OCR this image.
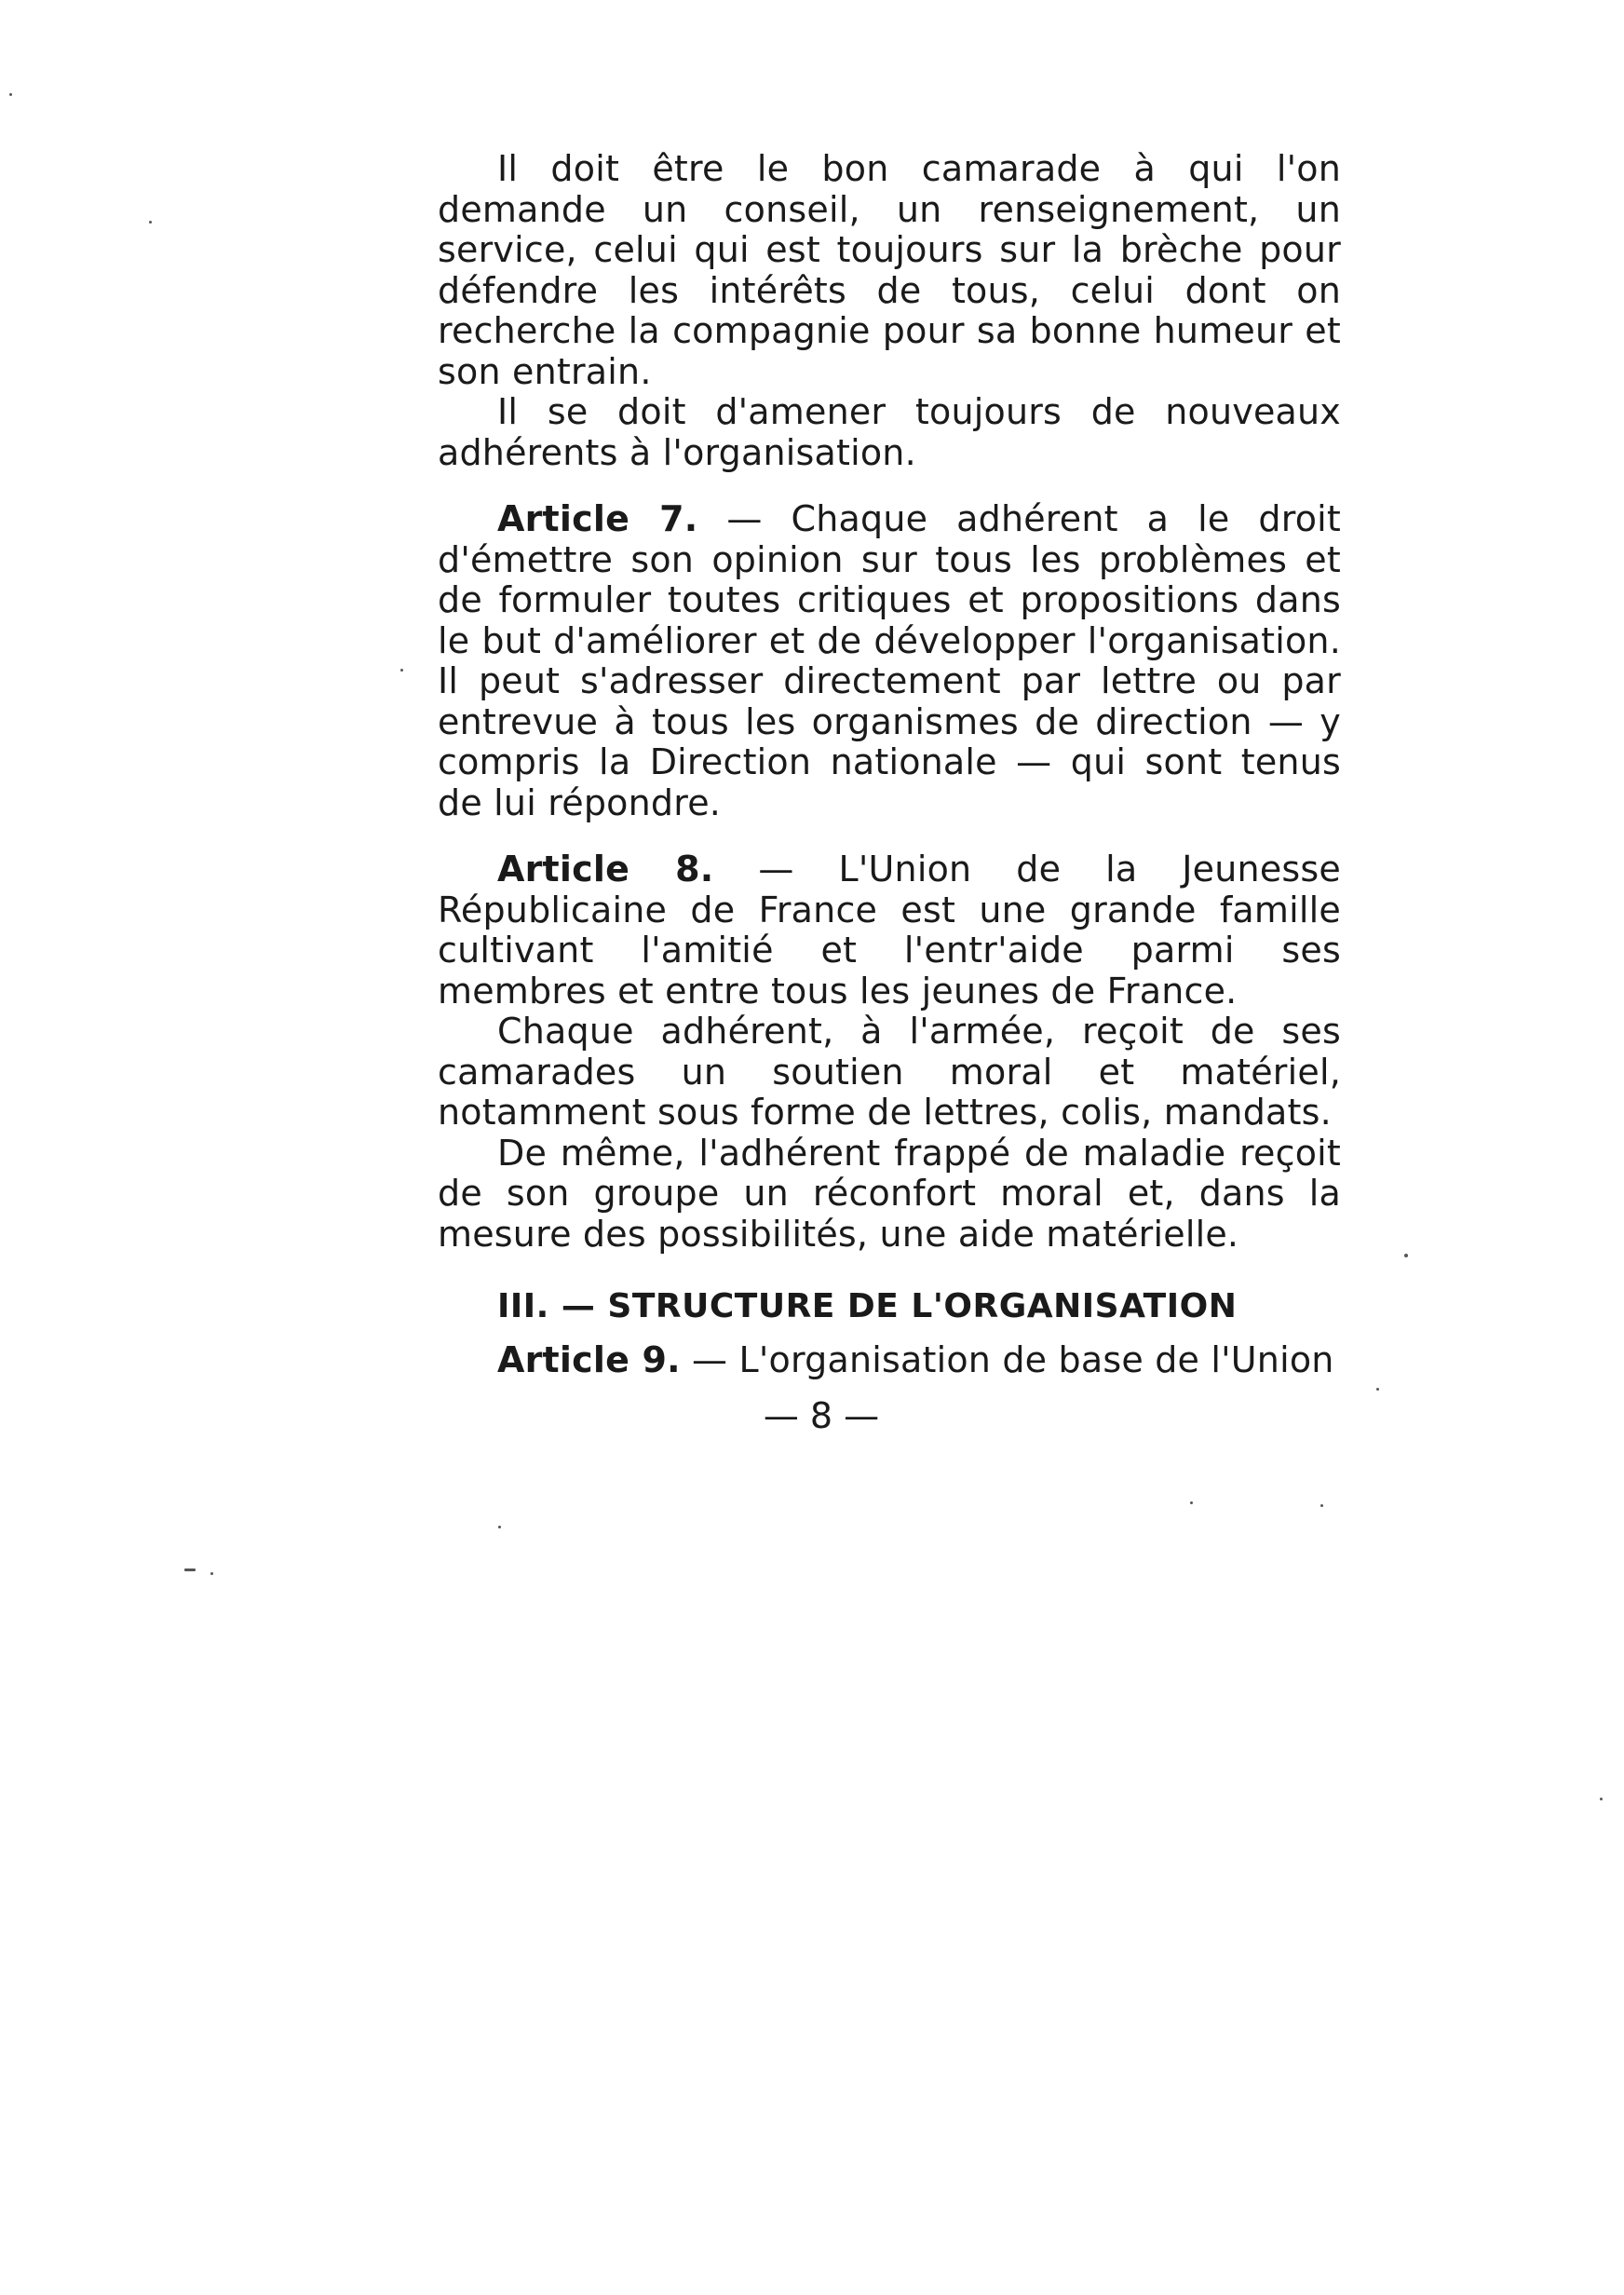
Il doit être le bon camarade à qui l'on demande un conseil, un renseignement, un service, celui qui est toujours sur la brèche pour défendre les intérêts de tous, celui dont on recherche la compagnie pour sa bonne humeur et son entrain.

Il se doit d'amener toujours de nouveaux adhérents à l'organisation.

Article 7. — Chaque adhérent a le droit d'émettre son opinion sur tous les problèmes et de formuler toutes critiques et propositions dans le but d'améliorer et de développer l'organisation. Il peut s'adresser directement par lettre ou par entrevue à tous les organismes de direction — y compris la Direction nationale — qui sont tenus de lui répondre.

Article 8. — L'Union de la Jeunesse Républicaine de France est une grande famille cultivant l'amitié et l'entr'aide parmi ses membres et entre tous les jeunes de France.

Chaque adhérent, à l'armée, reçoit de ses camarades un soutien moral et matériel, notamment sous forme de lettres, colis, mandats.

De même, l'adhérent frappé de maladie reçoit de son groupe un réconfort moral et, dans la mesure des possibilités, une aide matérielle.

III. — STRUCTURE DE L'ORGANISATION

Article 9. — L'organisation de base de l'Union

— 8 —
